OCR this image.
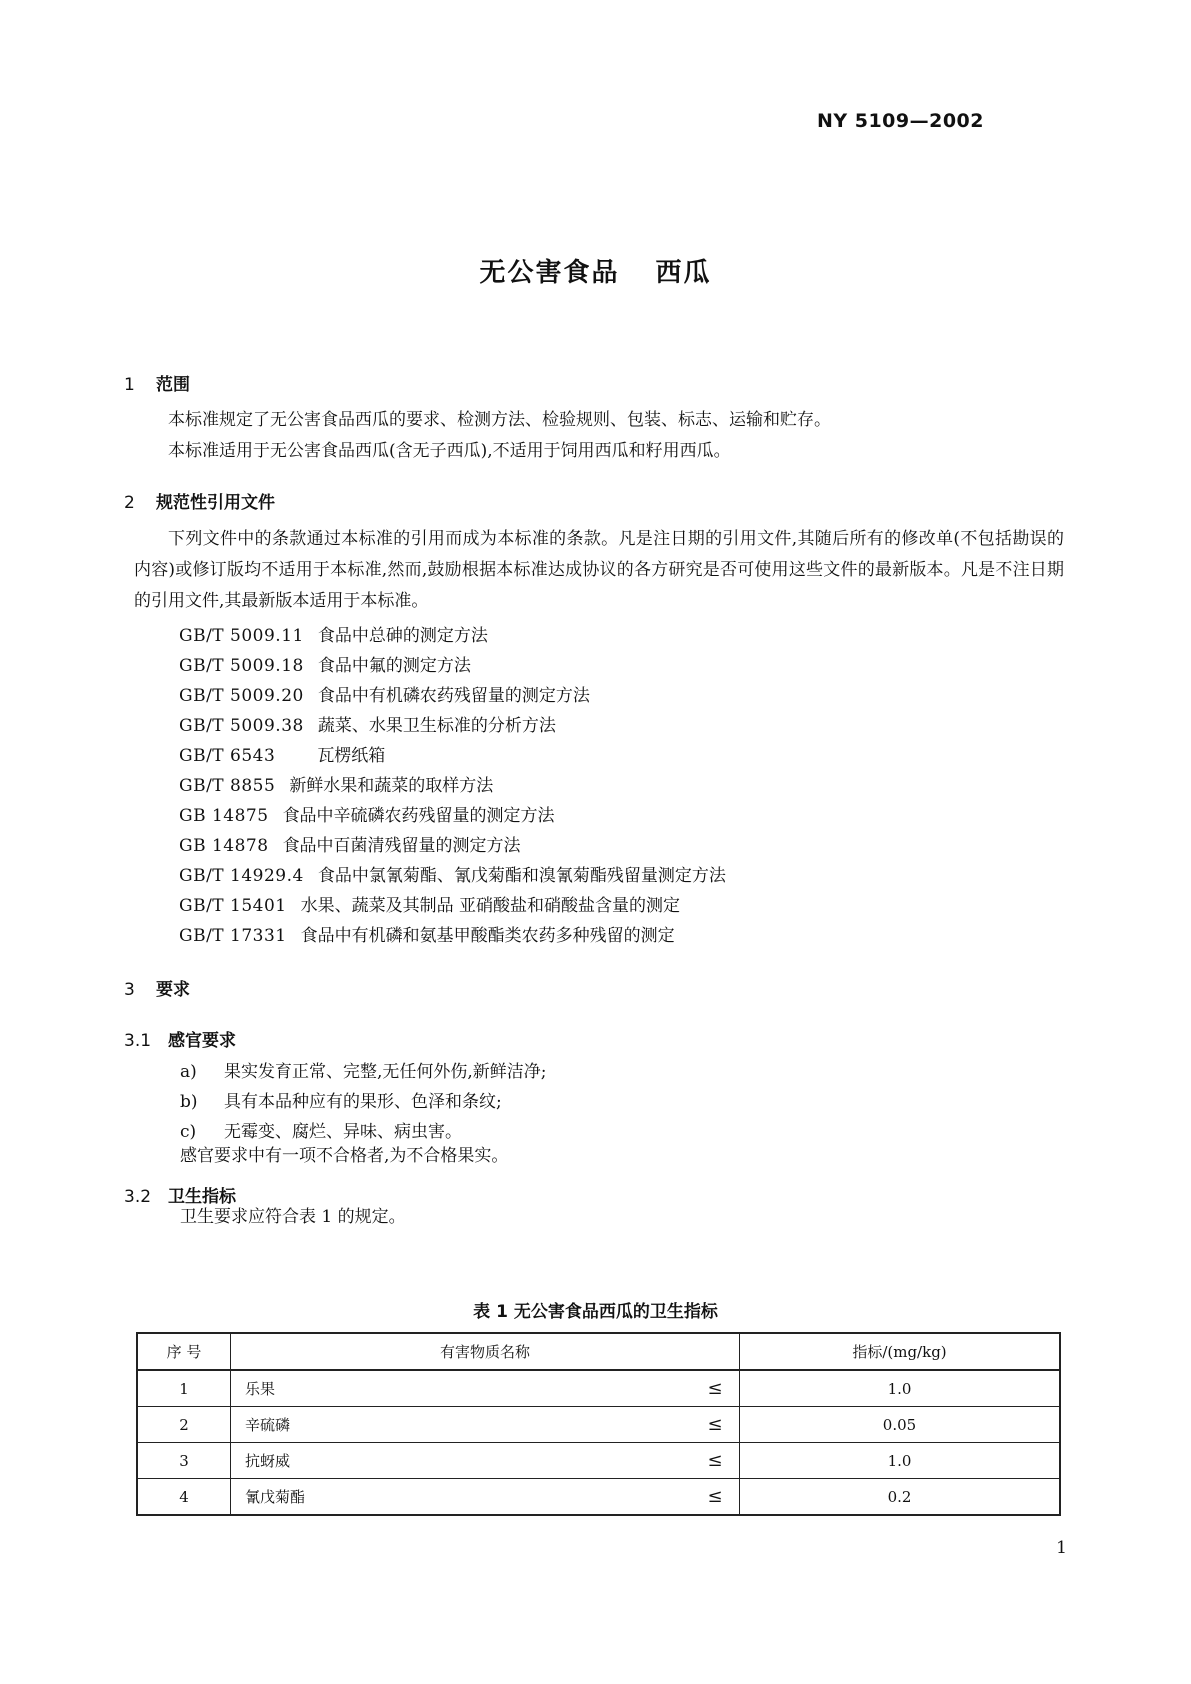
NY 5109—2002
无公害食品 西瓜
1 范围
本标准规定了无公害食品西瓜的要求、检测方法、检验规则、包装、标志、运输和贮存。
本标准适用于无公害食品西瓜(含无子西瓜),不适用于饲用西瓜和籽用西瓜。
2 规范性引用文件

下列文件中的条款通过本标准的引用而成为本标准的条款。凡是注日期的引用文件,其随后所有的修改单(不包括勘误的内容)或修订版均不适用于本标准,然而,鼓励根据本标准达成协议的各方研究是否可使用这些文件的最新版本。凡是不注日期的引用文件,其最新版本适用于本标准。

GB/T 5009.11 食品中总砷的测定方法
GB/T 5009.18 食品中氟的测定方法
GB/T 5009.20 食品中有机磷农药残留量的测定方法
GB/T 5009.38 蔬菜、水果卫生标准的分析方法
GB/T 6543 瓦楞纸箱
GB/T 8855 新鲜水果和蔬菜的取样方法
GB 14875 食品中辛硫磷农药残留量的测定方法
GB 14878 食品中百菌清残留量的测定方法
GB/T 14929.4 食品中氯氰菊酯、氰戊菊酯和溴氰菊酯残留量测定方法
GB/T 15401 水果、蔬菜及其制品 亚硝酸盐和硝酸盐含量的测定
GB/T 17331 食品中有机磷和氨基甲酸酯类农药多种残留的测定
3 要求
3.1 感官要求
a) 果实发育正常、完整,无任何外伤,新鲜洁净;
b) 具有本品种应有的果形、色泽和条纹;
c) 无霉变、腐烂、异味、病虫害。
感官要求中有一项不合格者,为不合格果实。
3.2 卫生指标
卫生要求应符合表 1 的规定。
表 1 无公害食品西瓜的卫生指标
序 号	有害物质名称		指标/(mg/kg)
1	乐果	≤	1.0
2	辛硫磷	≤	0.05
3	抗蚜威	≤	1.0
4	氰戊菊酯	≤	0.2
1
